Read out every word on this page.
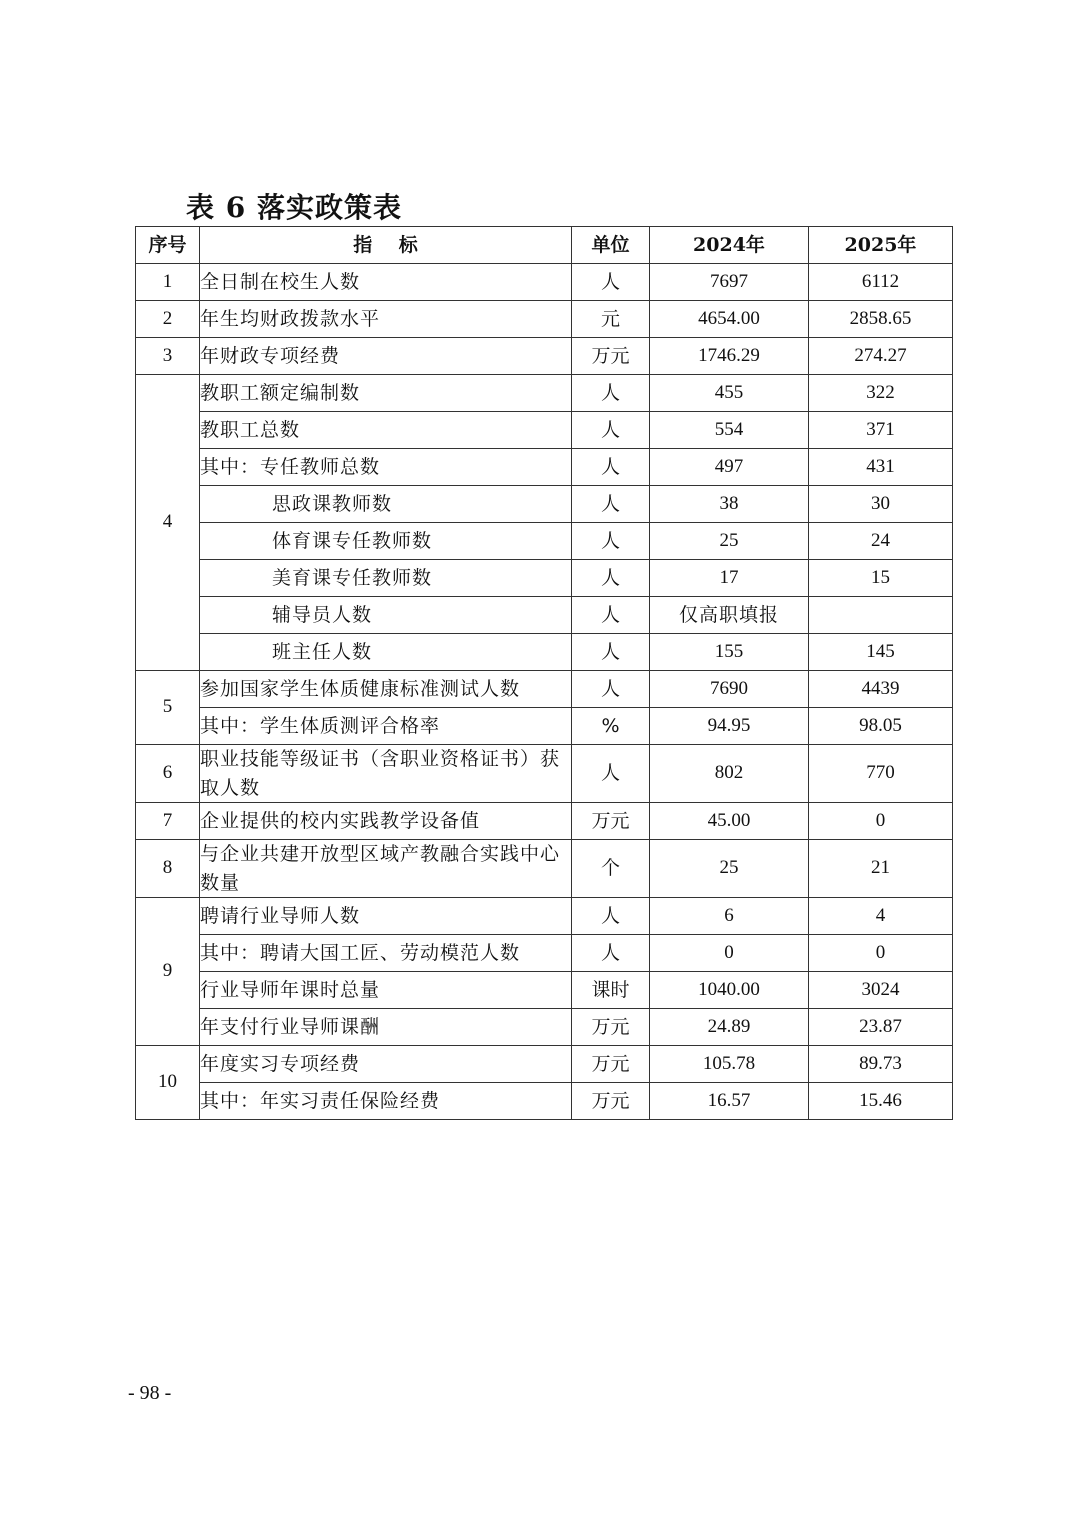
表 6 落实政策表
序号	指    标	单位	2024年	2025年
1	全日制在校生人数	人	7697	6112
2	年生均财政拨款水平	元	4654.00	2858.65
3	年财政专项经费	万元	1746.29	274.27
4	教职工额定编制数	人	455	322
	教职工总数	人	554	371
	其中：专任教师总数	人	497	431
	思政课教师数	人	38	30
	体育课专任教师数	人	25	24
	美育课专任教师数	人	17	15
	辅导员人数	人	仅高职填报	
	班主任人数	人	155	145
5	参加国家学生体质健康标准测试人数	人	7690	4439
	其中：学生体质测评合格率	%	94.95	98.05
6	职业技能等级证书（含职业资格证书）获 取人数	人	802	770
7	企业提供的校内实践教学设备值	万元	45.00	0
8	与企业共建开放型区域产教融合实践中心 数量	个	25	21
9	聘请行业导师人数	人	6	4
	其中：聘请大国工匠、劳动模范人数	人	0	0
	行业导师年课时总量	课时	1040.00	3024
	年支付行业导师课酬	万元	24.89	23.87
10	年度实习专项经费	万元	105.78	89.73
	其中：年实习责任保险经费	万元	16.57	15.46
- 98 -
